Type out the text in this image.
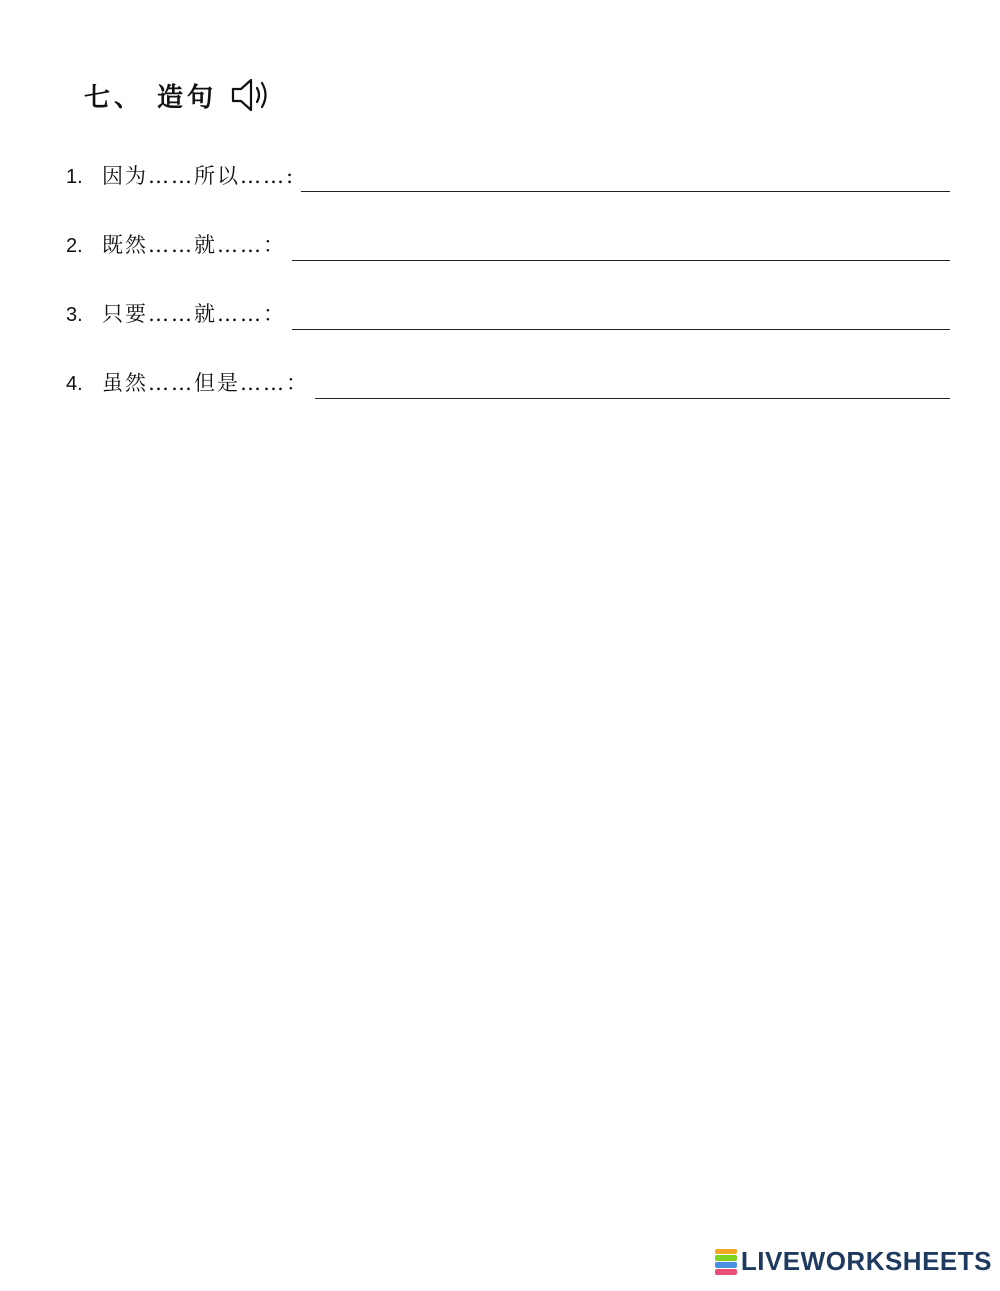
七、 造句
1. 因为……所以……:
2. 既然……就……：
3. 只要……就……：
4. 虽然……但是……：
LIVEWORKSHEETS
